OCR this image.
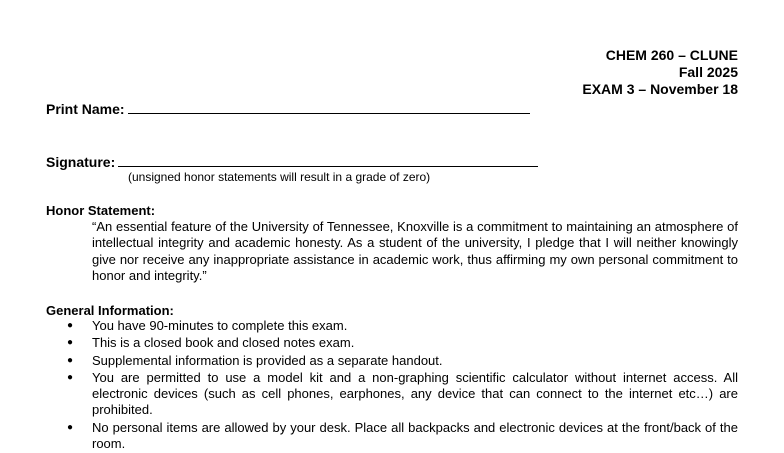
CHEM 260 – CLUNE
Fall 2025
EXAM 3 – November 18
Print Name:
Signature:
(unsigned honor statements will result in a grade of zero)
Honor Statement:
“An essential feature of the University of Tennessee, Knoxville is a commitment to maintaining an atmosphere of intellectual integrity and academic honesty. As a student of the university, I pledge that I will neither knowingly give nor receive any inappropriate assistance in academic work, thus affirming my own personal commitment to honor and integrity.”
General Information:
● You have 90-minutes to complete this exam.
● This is a closed book and closed notes exam.
● Supplemental information is provided as a separate handout.
● You are permitted to use a model kit and a non-graphing scientific calculator without internet access. All electronic devices (such as cell phones, earphones, any device that can connect to the internet etc…) are prohibited.
● No personal items are allowed by your desk. Place all backpacks and electronic devices at the front/back of the room.
